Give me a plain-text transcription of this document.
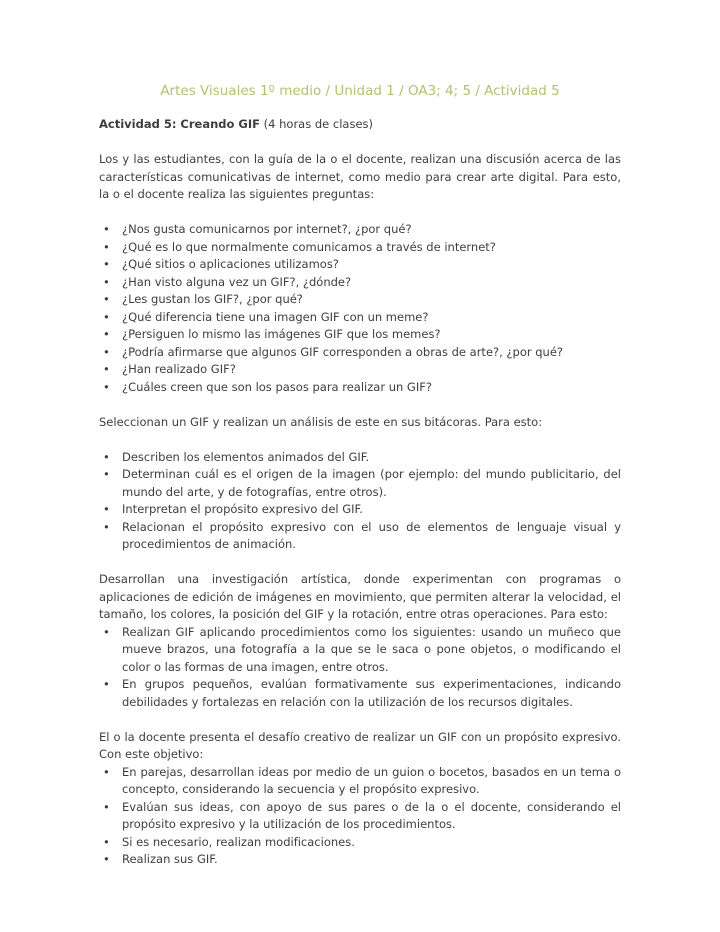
Artes Visuales 1º medio / Unidad 1 / OA3; 4; 5 / Actividad 5

Actividad 5: Creando GIF (4 horas de clases)

Los y las estudiantes, con la guía de la o el docente, realizan una discusión acerca de las características comunicativas de internet, como medio para crear arte digital. Para esto, la o el docente realiza las siguientes preguntas:

• ¿Nos gusta comunicarnos por internet?, ¿por qué?
• ¿Qué es lo que normalmente comunicamos a través de internet?
• ¿Qué sitios o aplicaciones utilizamos?
• ¿Han visto alguna vez un GIF?, ¿dónde?
• ¿Les gustan los GIF?, ¿por qué?
• ¿Qué diferencia tiene una imagen GIF con un meme?
• ¿Persiguen lo mismo las imágenes GIF que los memes?
• ¿Podría afirmarse que algunos GIF corresponden a obras de arte?, ¿por qué?
• ¿Han realizado GIF?
• ¿Cuáles creen que son los pasos para realizar un GIF?

Seleccionan un GIF y realizan un análisis de este en sus bitácoras. Para esto:

• Describen los elementos animados del GIF.
• Determinan cuál es el origen de la imagen (por ejemplo: del mundo publicitario, del mundo del arte, y de fotografías, entre otros).
• Interpretan el propósito expresivo del GIF.
• Relacionan el propósito expresivo con el uso de elementos de lenguaje visual y procedimientos de animación.

Desarrollan una investigación artística, donde experimentan con programas o aplicaciones de edición de imágenes en movimiento, que permiten alterar la velocidad, el tamaño, los colores, la posición del GIF y la rotación, entre otras operaciones. Para esto:

• Realizan GIF aplicando procedimientos como los siguientes: usando un muñeco que mueve brazos, una fotografía a la que se le saca o pone objetos, o modificando el color o las formas de una imagen, entre otros.
• En grupos pequeños, evalúan formativamente sus experimentaciones, indicando debilidades y fortalezas en relación con la utilización de los recursos digitales.

El o la docente presenta el desafío creativo de realizar un GIF con un propósito expresivo. Con este objetivo:

• En parejas, desarrollan ideas por medio de un guion o bocetos, basados en un tema o concepto, considerando la secuencia y el propósito expresivo.
• Evalúan sus ideas, con apoyo de sus pares o de la o el docente, considerando el propósito expresivo y la utilización de los procedimientos.
• Si es necesario, realizan modificaciones.
• Realizan sus GIF.
